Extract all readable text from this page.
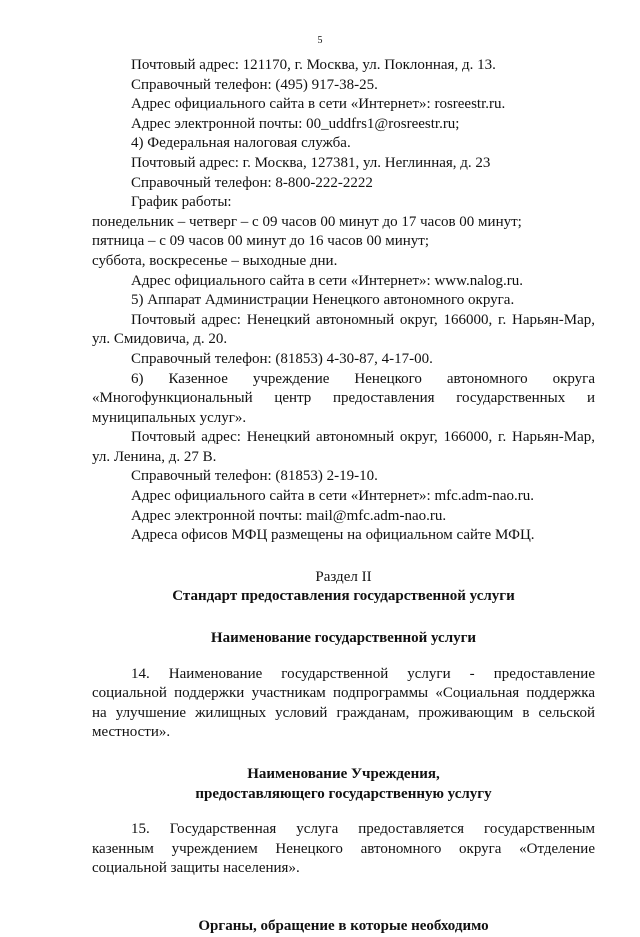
5

Почтовый адрес: 121170, г. Москва, ул. Поклонная, д. 13.

Справочный телефон: (495) 917-38-25.

Адрес официального сайта в сети «Интернет»: rosreestr.ru.

Адрес электронной почты: 00_uddfrs1@rosreestr.ru;

4) Федеральная налоговая служба.

Почтовый адрес: г. Москва, 127381, ул. Неглинная, д. 23

Справочный телефон: 8-800-222-2222

График работы:

понедельник – четверг – с 09 часов 00 минут до 17 часов 00 минут;

пятница – с 09 часов 00 минут до 16 часов 00 минут;

суббота, воскресенье – выходные дни.

Адрес официального сайта в сети «Интернет»: www.nalog.ru.

5) Аппарат Администрации Ненецкого автономного округа.

Почтовый адрес: Ненецкий автономный округ, 166000, г. Нарьян-Мар, ул. Смидовича, д. 20.

Справочный телефон: (81853) 4-30-87, 4-17-00.

6) Казенное учреждение Ненецкого автономного округа «Многофункциональный центр предоставления государственных и муниципальных услуг».

Почтовый адрес: Ненецкий автономный округ, 166000, г. Нарьян-Мар, ул. Ленина, д. 27 В.

Справочный телефон: (81853) 2-19-10.

Адрес официального сайта в сети «Интернет»: mfc.adm-nao.ru.

Адрес электронной почты: mail@mfc.adm-nao.ru.

Адреса офисов МФЦ размещены на официальном сайте МФЦ.

Раздел II

Стандарт предоставления государственной услуги

Наименование государственной услуги

14. Наименование государственной услуги - предоставление социальной поддержки участникам подпрограммы «Социальная поддержка на улучшение жилищных условий гражданам, проживающим в сельской местности».

Наименование Учреждения,

предоставляющего государственную услугу

15. Государственная услуга предоставляется государственным казенным учреждением Ненецкого автономного округа «Отделение социальной защиты населения».

Органы, обращение в которые необходимо
